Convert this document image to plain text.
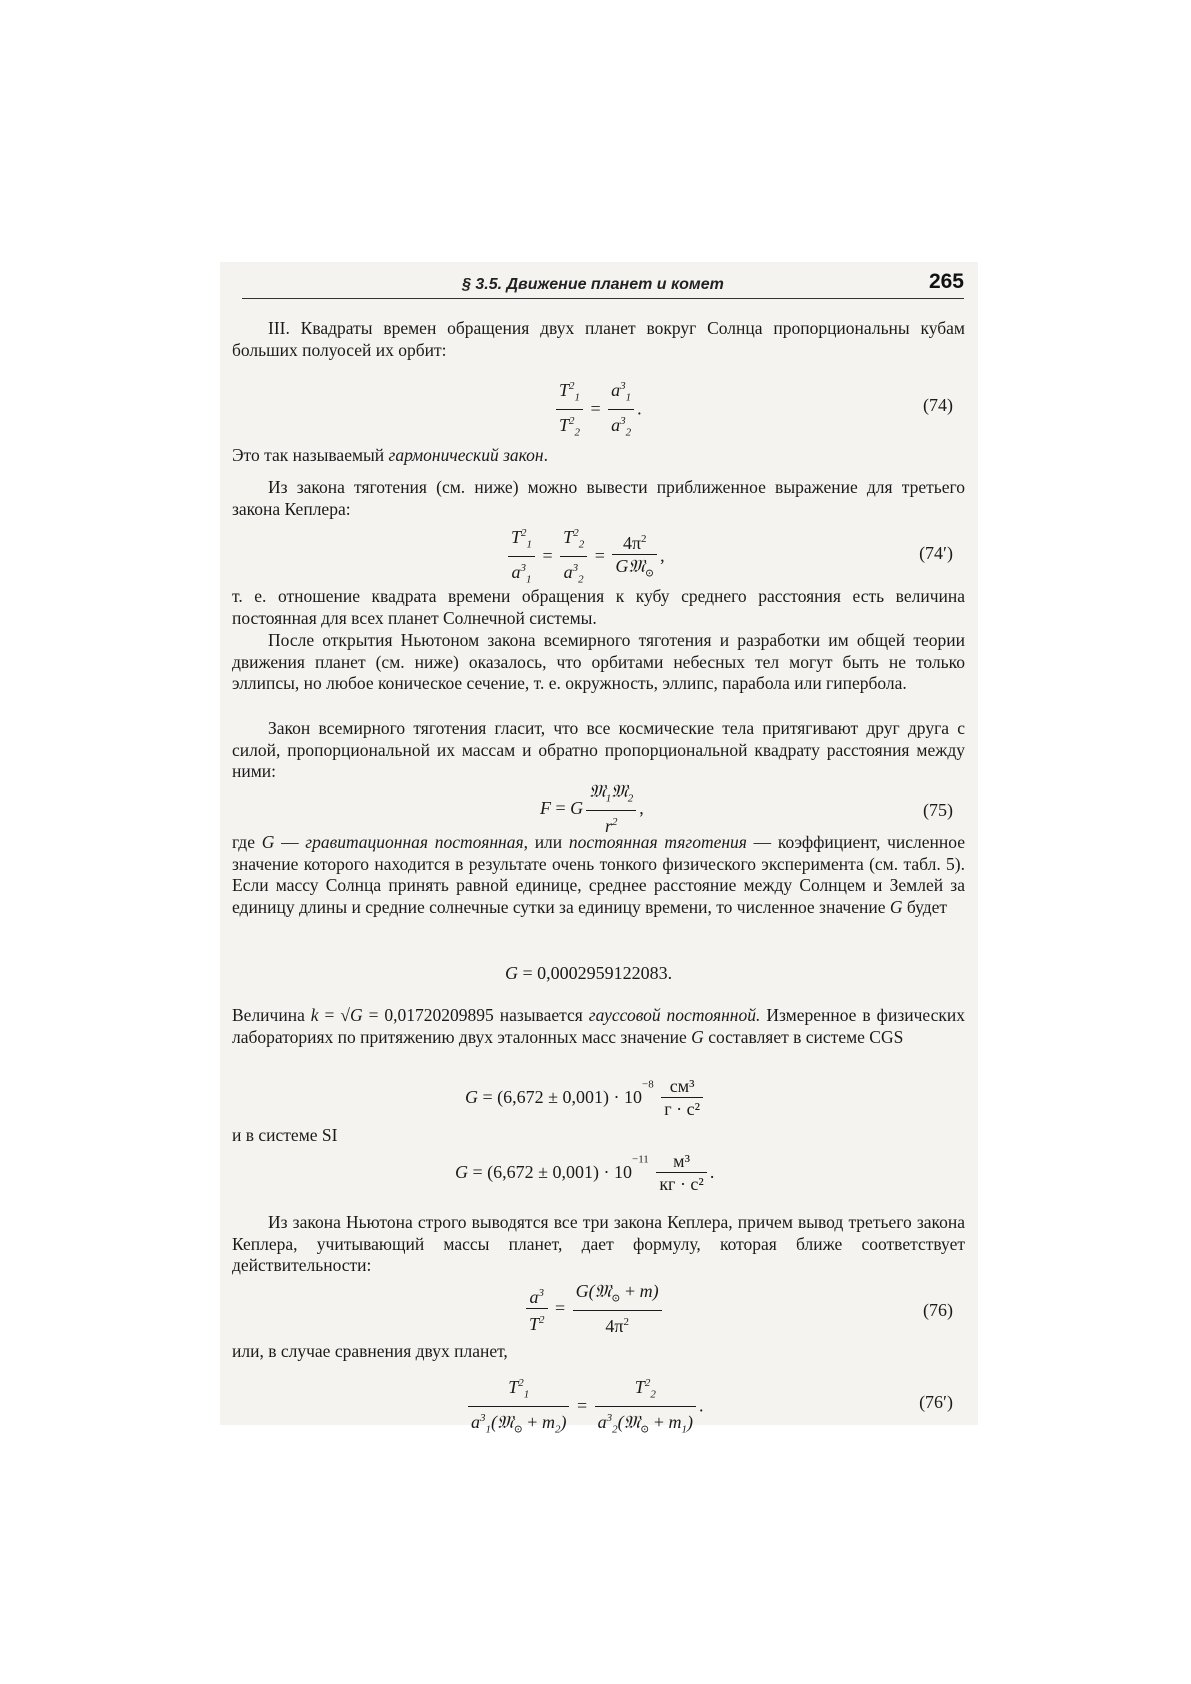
§ 3.5. Движение планет и комет	265
III. Квадраты времен обращения двух планет вокруг Солнца пропорциональны кубам больших полуосей их орбит:
$\frac{T^2_1}{T^2_2} = \frac{a^3_1}{a^3_2}$ .	(74)
Это так называемый гармонический закон.
Из закона тяготения (см. ниже) можно вывести приближенное выражение для третьего закона Кеплера:
$\frac{T^2_1}{a^3_1} = \frac{T^2_2}{a^3_2} = \frac{4\pi^2}{G𝔐_⊙}$ ,	(74′)
т. е. отношение квадрата времени обращения к кубу среднего расстояния есть величина постоянная для всех планет Солнечной системы.
После открытия Ньютоном закона всемирного тяготения и разработки им общей теории движения планет (см. ниже) оказалось, что орбитами небесных тел могут быть не только эллипсы, но любое коническое сечение, т. е. окружность, эллипс, парабола или гипербола.
Закон всемирного тяготения гласит, что все космические тела притягивают друг друга с силой, пропорциональной их массам и обратно пропорциональной квадрату расстояния между ними:
F = G $\frac{𝔐_1𝔐_2}{r^2}$ ,	(75)
где G — гравитационная постоянная, или постоянная тяготения — коэффициент, численное значение которого находится в результате очень тонкого физического эксперимента (см. табл. 5). Если массу Солнца принять равной единице, среднее расстояние между Солнцем и Землей за единицу длины и средние солнечные сутки за единицу времени, то численное значение G будет
G = 0,0002959122083.
Величина k = √G = 0,01720209895 называется гауссовой постоянной. Измеренное в физических лабораториях по притяжению двух эталонных масс значение G составляет в системе CGS
$G = (6,672 \pm 0,001) \cdot 10^{-8} \frac{\text{см³}}{\text{г · с²}}$
и в системе SI
$G = (6,672 \pm 0,001) \cdot 10^{-11} \frac{\text{м³}}{\text{кг · с²}}$ .
Из закона Ньютона строго выводятся все три закона Кеплера, причем вывод третьего закона Кеплера, учитывающий массы планет, дает формулу, которая ближе соответствует действительности:
$\frac{a^3}{T^2} = \frac{G(𝔐_⊙ + m)}{4\pi^2}$	(76)
или, в случае сравнения двух планет,
$\frac{T^2_1}{a^3_1(𝔐_⊙ + m_2)} = \frac{T^2_2}{a^3_2(𝔐_⊙ + m_1)}$ .	(76′)
